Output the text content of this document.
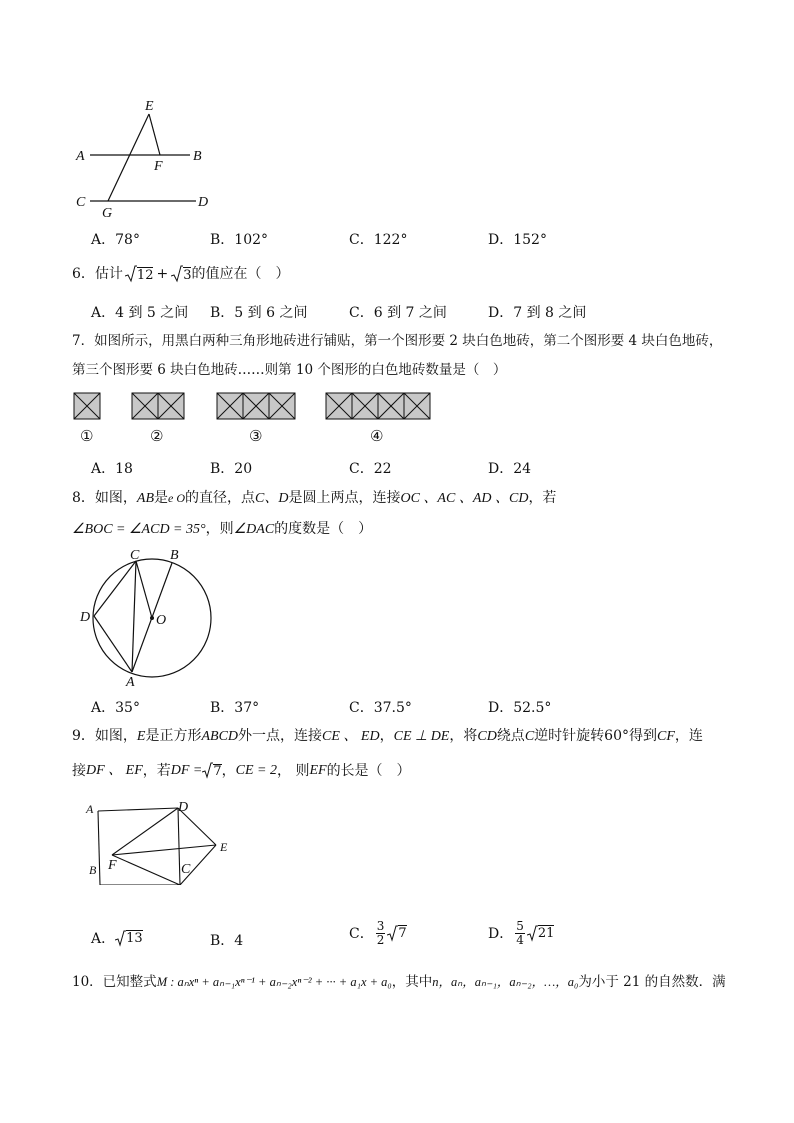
E
A	B
F
C
G
D
A．78°	B．102°	C．122°	D．152°
6．估计 12 + 3 的值应在（　）
A．4 到 5 之间 B．5 到 6 之间	C．6 到 7 之间	D．7 到 8 之间
7．如图所示，用黑白两种三角形地砖进行铺贴，第一个图形要 2 块白色地砖，第二个图形要 4 块白色地砖，
第三个图形要 6 块白色地砖……则第 10 个图形的白色地砖数量是（　）
①	②	③	④
A．18	B．20	C．22	D．24
8．如图，AB是e O的直径，点C、D是圆上两点，连接OC 、AC 、AD 、CD，若
∠BOC = ∠ACD = 35°，则∠DAC的度数是（　）
C B
D	O
A
A．35°	B．37°	C．37.5°	D．52.5°
9．如图，E是正方形ABCD外一点，连接CE 、 ED，CE ⊥ DE，将CD绕点C逆时针旋转60°得到CF，连
接 DF 、 EF ，若 DF = 7 ， CE = 2 ， 则 EF 的长是（　）
A	D
E
F
B	C
A． 13	B．4	C． $\frac{3}{2} 7$	D． $\frac{5}{4} 21$
10．已知整式M : aₙxⁿ + aₙ₋₁xⁿ⁻¹ + aₙ₋₂xⁿ⁻² + ··· + a₁x + a₀，其中n，aₙ，aₙ₋₁，aₙ₋₂，…，a₀为小于 21 的自然数．满
